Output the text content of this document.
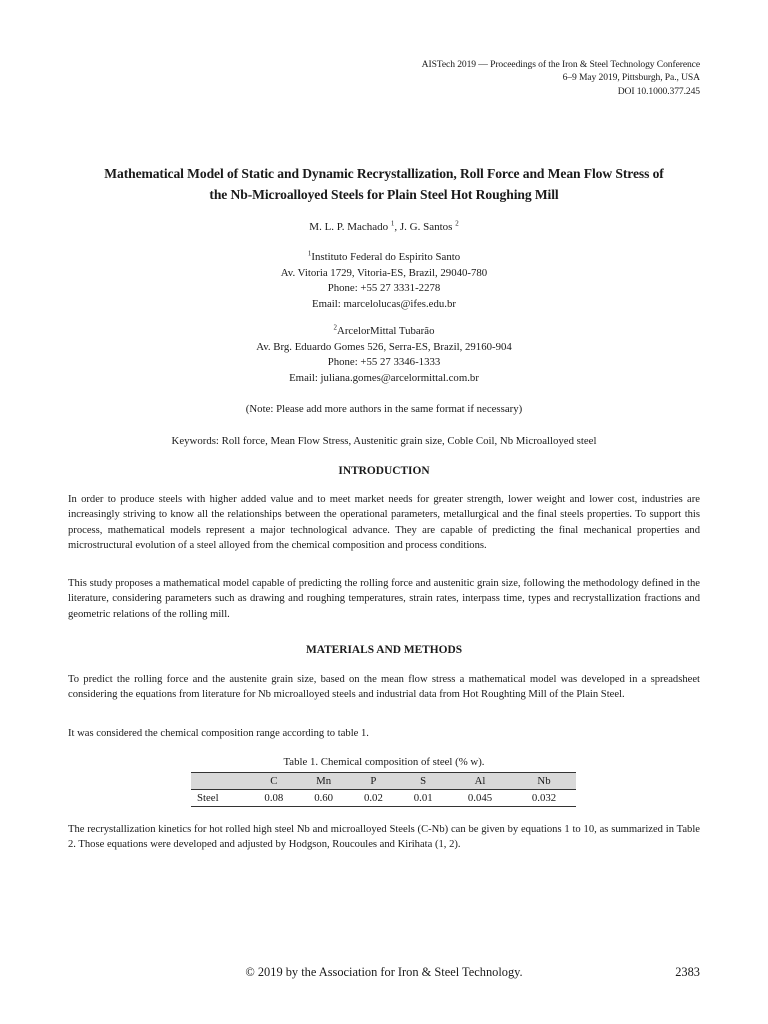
AISTech 2019 — Proceedings of the Iron & Steel Technology Conference
6–9 May 2019, Pittsburgh, Pa., USA
DOI 10.1000.377.245
Mathematical Model of Static and Dynamic Recrystallization, Roll Force and Mean Flow Stress of
the Nb-Microalloyed Steels for Plain Steel Hot Roughing Mill
M. L. P. Machado $^1$, J. G. Santos $^2$
$^1$Instituto Federal do Espirito Santo
Av. Vitoria 1729, Vitoria-ES, Brazil, 29040-780
Phone: +55 27 3331-2278
Email: marcelolucas@ifes.edu.br
$^2$ArcelorMittal Tubarão
Av. Brg. Eduardo Gomes 526, Serra-ES, Brazil, 29160-904
Phone: +55 27 3346-1333
Email: juliana.gomes@arcelormittal.com.br
(Note: Please add more authors in the same format if necessary)
Keywords: Roll force, Mean Flow Stress, Austenitic grain size, Coble Coil, Nb Microalloyed steel
INTRODUCTION

In order to produce steels with higher added value and to meet market needs for greater strength, lower weight and lower cost, industries are increasingly striving to know all the relationships between the operational parameters, metallurgical and the final steels properties. To support this process, mathematical models represent a major technological advance. They are capable of predicting the final mechanical properties and microstructural evolution of a steel alloyed from the chemical composition and process conditions.

This study proposes a mathematical model capable of predicting the rolling force and austenitic grain size, following the methodology defined in the literature, considering parameters such as drawing and roughing temperatures, strain rates, interpass time, types and recrystallization fractions and geometric relations of the rolling mill.

MATERIALS AND METHODS

To predict the rolling force and the austenite grain size, based on the mean flow stress a mathematical model was developed in a spreadsheet considering the equations from literature for Nb microalloyed steels and industrial data from Hot Roughting Mill of the Plain Steel.

It was considered the chemical composition range according to table 1.

Table 1. Chemical composition of steel (% w).
	C	Mn	P	S	Al	Nb
Steel	0.08	0.60	0.02	0.01	0.045	0.032

The recrystallization kinetics for hot rolled high steel Nb and microalloyed Steels (C-Nb) can be given by equations 1 to 10, as summarized in Table 2. Those equations were developed and adjusted by Hodgson, Roucoules and Kirihata (1, 2).

© 2019 by the Association for Iron & Steel Technology.	2383
